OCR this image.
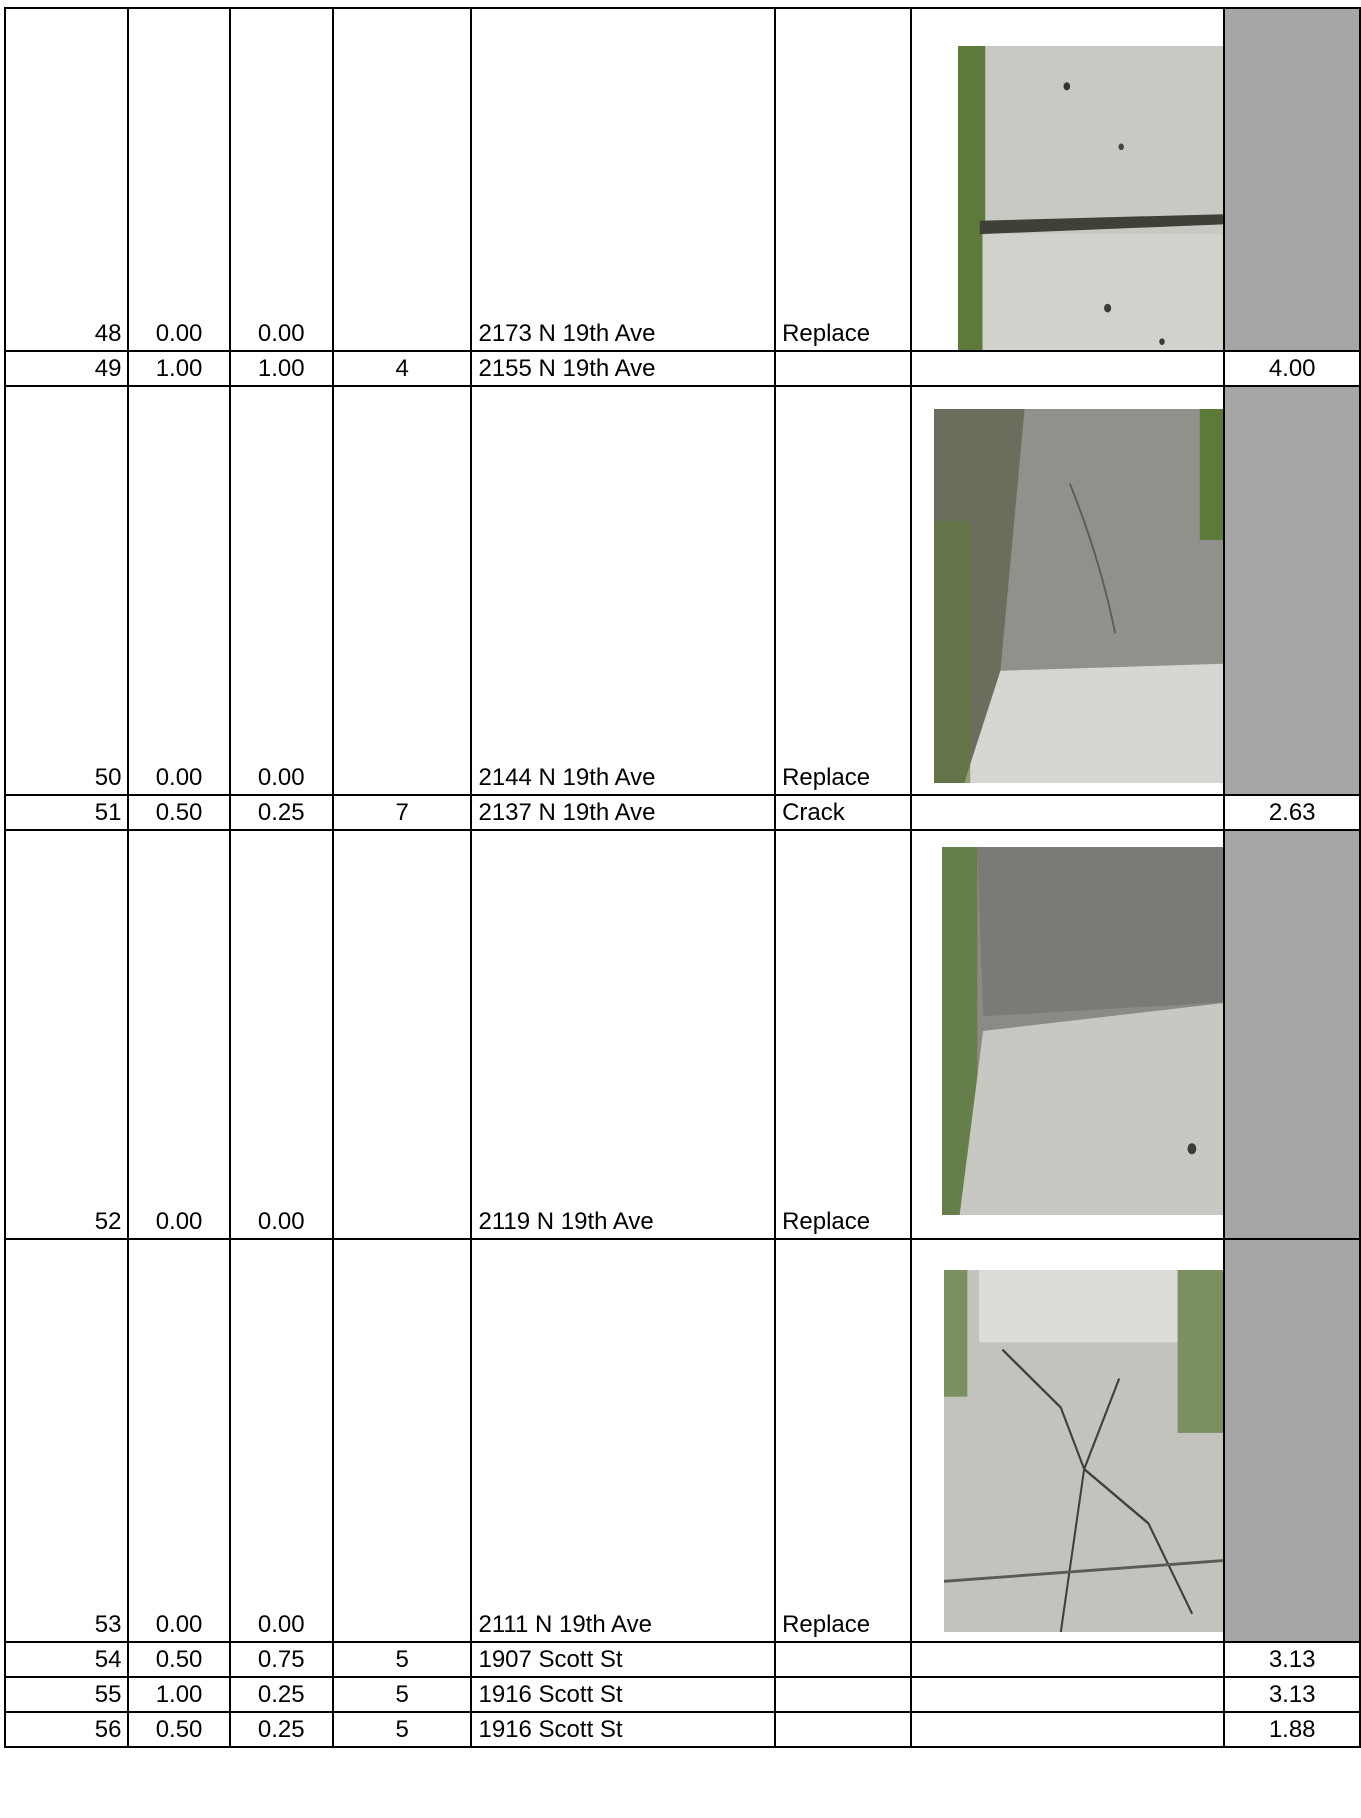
48	0.00	0.00		2173 N 19th Ave	Replace	

49	1.00	1.00	4	2155 N 19th Ave			4.00
50	0.00	0.00		2144 N 19th Ave	Replace	

51	0.50	0.25	7	2137 N 19th Ave	Crack		2.63
52	0.00	0.00		2119 N 19th Ave	Replace	

53	0.00	0.00		2111 N 19th Ave	Replace	

54	0.50	0.75	5	1907 Scott St			3.13
55	1.00	0.25	5	1916 Scott St			3.13
56	0.50	0.25	5	1916 Scott St			1.88
